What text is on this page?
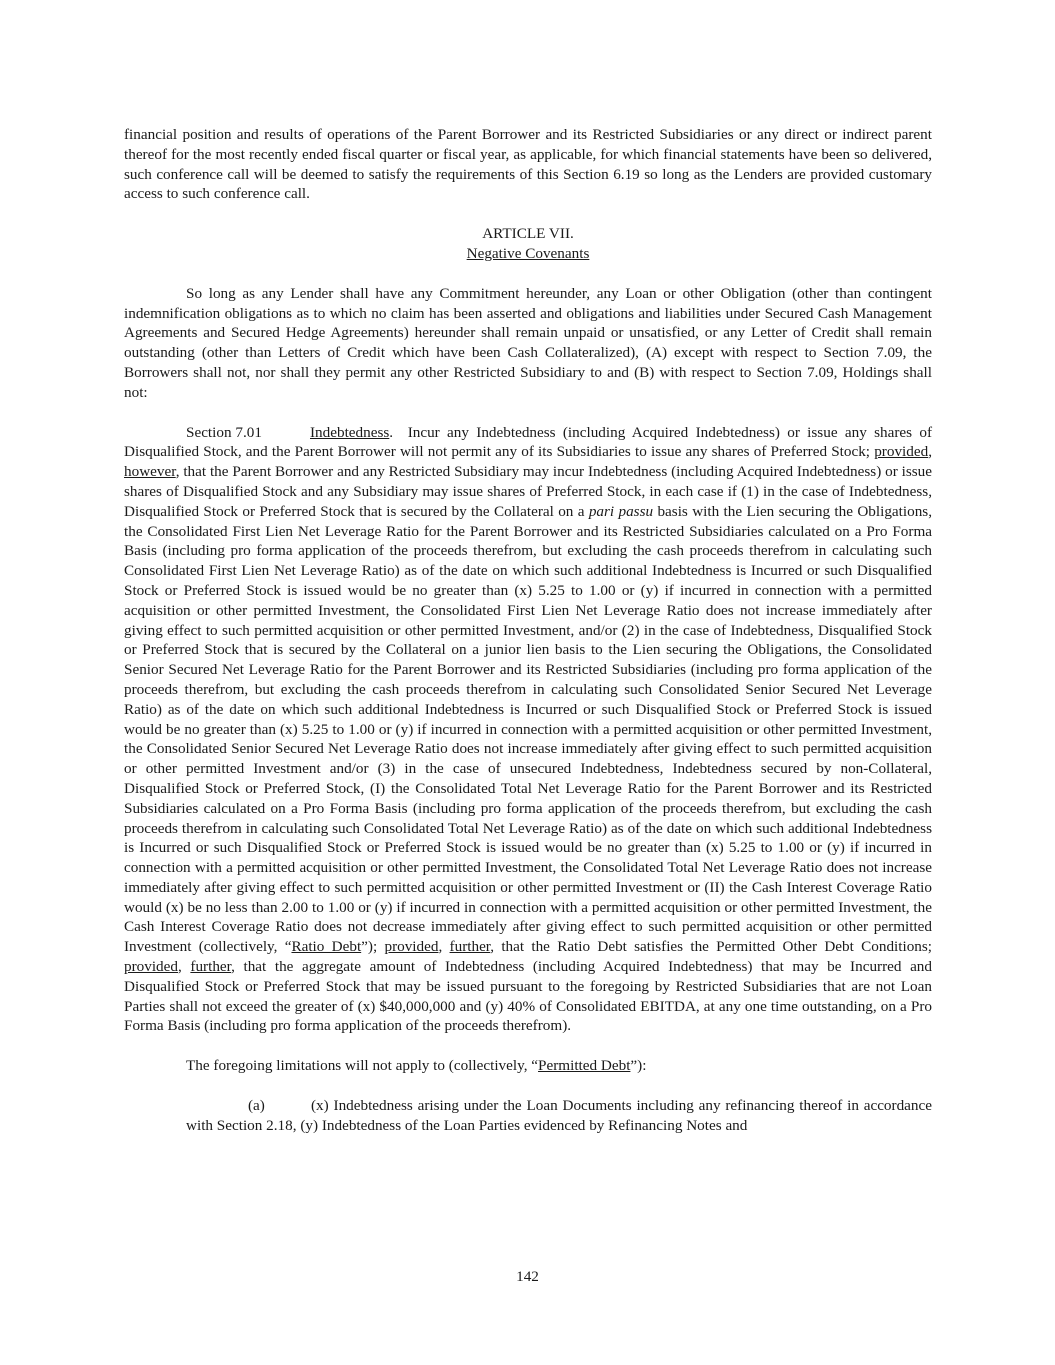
financial position and results of operations of the Parent Borrower and its Restricted Subsidiaries or any direct or indirect parent thereof for the most recently ended fiscal quarter or fiscal year, as applicable, for which financial statements have been so delivered, such conference call will be deemed to satisfy the requirements of this Section 6.19 so long as the Lenders are provided customary access to such conference call.

ARTICLE VII.

Negative Covenants

So long as any Lender shall have any Commitment hereunder, any Loan or other Obligation (other than contingent indemnification obligations as to which no claim has been asserted and obligations and liabilities under Secured Cash Management Agreements and Secured Hedge Agreements) hereunder shall remain unpaid or unsatisfied, or any Letter of Credit shall remain outstanding (other than Letters of Credit which have been Cash Collateralized), (A) except with respect to Section 7.09, the Borrowers shall not, nor shall they permit any other Restricted Subsidiary to and (B) with respect to Section 7.09, Holdings shall not:

Section 7.01	Indebtedness.  Incur any Indebtedness (including Acquired Indebtedness) or issue any shares of Disqualified Stock, and the Parent Borrower will not permit any of its Subsidiaries to issue any shares of Preferred Stock; provided, however, that the Parent Borrower and any Restricted Subsidiary may incur Indebtedness (including Acquired Indebtedness) or issue shares of Disqualified Stock and any Subsidiary may issue shares of Preferred Stock, in each case if (1) in the case of Indebtedness, Disqualified Stock or Preferred Stock that is secured by the Collateral on a pari passu basis with the Lien securing the Obligations, the Consolidated First Lien Net Leverage Ratio for the Parent Borrower and its Restricted Subsidiaries calculated on a Pro Forma Basis (including pro forma application of the proceeds therefrom, but excluding the cash proceeds therefrom in calculating such Consolidated First Lien Net Leverage Ratio) as of the date on which such additional Indebtedness is Incurred or such Disqualified Stock or Preferred Stock is issued would be no greater than (x) 5.25 to 1.00 or (y) if incurred in connection with a permitted acquisition or other permitted Investment, the Consolidated First Lien Net Leverage Ratio does not increase immediately after giving effect to such permitted acquisition or other permitted Investment, and/or (2) in the case of Indebtedness, Disqualified Stock or Preferred Stock that is secured by the Collateral on a junior lien basis to the Lien securing the Obligations, the Consolidated Senior Secured Net Leverage Ratio for the Parent Borrower and its Restricted Subsidiaries (including pro forma application of the proceeds therefrom, but excluding the cash proceeds therefrom in calculating such Consolidated Senior Secured Net Leverage Ratio) as of the date on which such additional Indebtedness is Incurred or such Disqualified Stock or Preferred Stock is issued would be no greater than (x) 5.25 to 1.00 or (y) if incurred in connection with a permitted acquisition or other permitted Investment, the Consolidated Senior Secured Net Leverage Ratio does not increase immediately after giving effect to such permitted acquisition or other permitted Investment and/or (3) in the case of unsecured Indebtedness, Indebtedness secured by non-Collateral, Disqualified Stock or Preferred Stock, (I) the Consolidated Total Net Leverage Ratio for the Parent Borrower and its Restricted Subsidiaries calculated on a Pro Forma Basis (including pro forma application of the proceeds therefrom, but excluding the cash proceeds therefrom in calculating such Consolidated Total Net Leverage Ratio) as of the date on which such additional Indebtedness is Incurred or such Disqualified Stock or Preferred Stock is issued would be no greater than (x) 5.25 to 1.00 or (y) if incurred in connection with a permitted acquisition or other permitted Investment, the Consolidated Total Net Leverage Ratio does not increase immediately after giving effect to such permitted acquisition or other permitted Investment or (II) the Cash Interest Coverage Ratio would (x) be no less than 2.00 to 1.00 or (y) if incurred in connection with a permitted acquisition or other permitted Investment, the Cash Interest Coverage Ratio does not decrease immediately after giving effect to such permitted acquisition or other permitted Investment (collectively, “Ratio Debt”); provided, further, that the Ratio Debt satisfies the Permitted Other Debt Conditions; provided, further, that the aggregate amount of Indebtedness (including Acquired Indebtedness) that may be Incurred and Disqualified Stock or Preferred Stock that may be issued pursuant to the foregoing by Restricted Subsidiaries that are not Loan Parties shall not exceed the greater of (x) $40,000,000 and (y) 40% of Consolidated EBITDA, at any one time outstanding, on a Pro Forma Basis (including pro forma application of the proceeds therefrom).

The foregoing limitations will not apply to (collectively, “Permitted Debt”):

(a)	(x) Indebtedness arising under the Loan Documents including any refinancing thereof in accordance with Section 2.18, (y) Indebtedness of the Loan Parties evidenced by Refinancing Notes and

142
